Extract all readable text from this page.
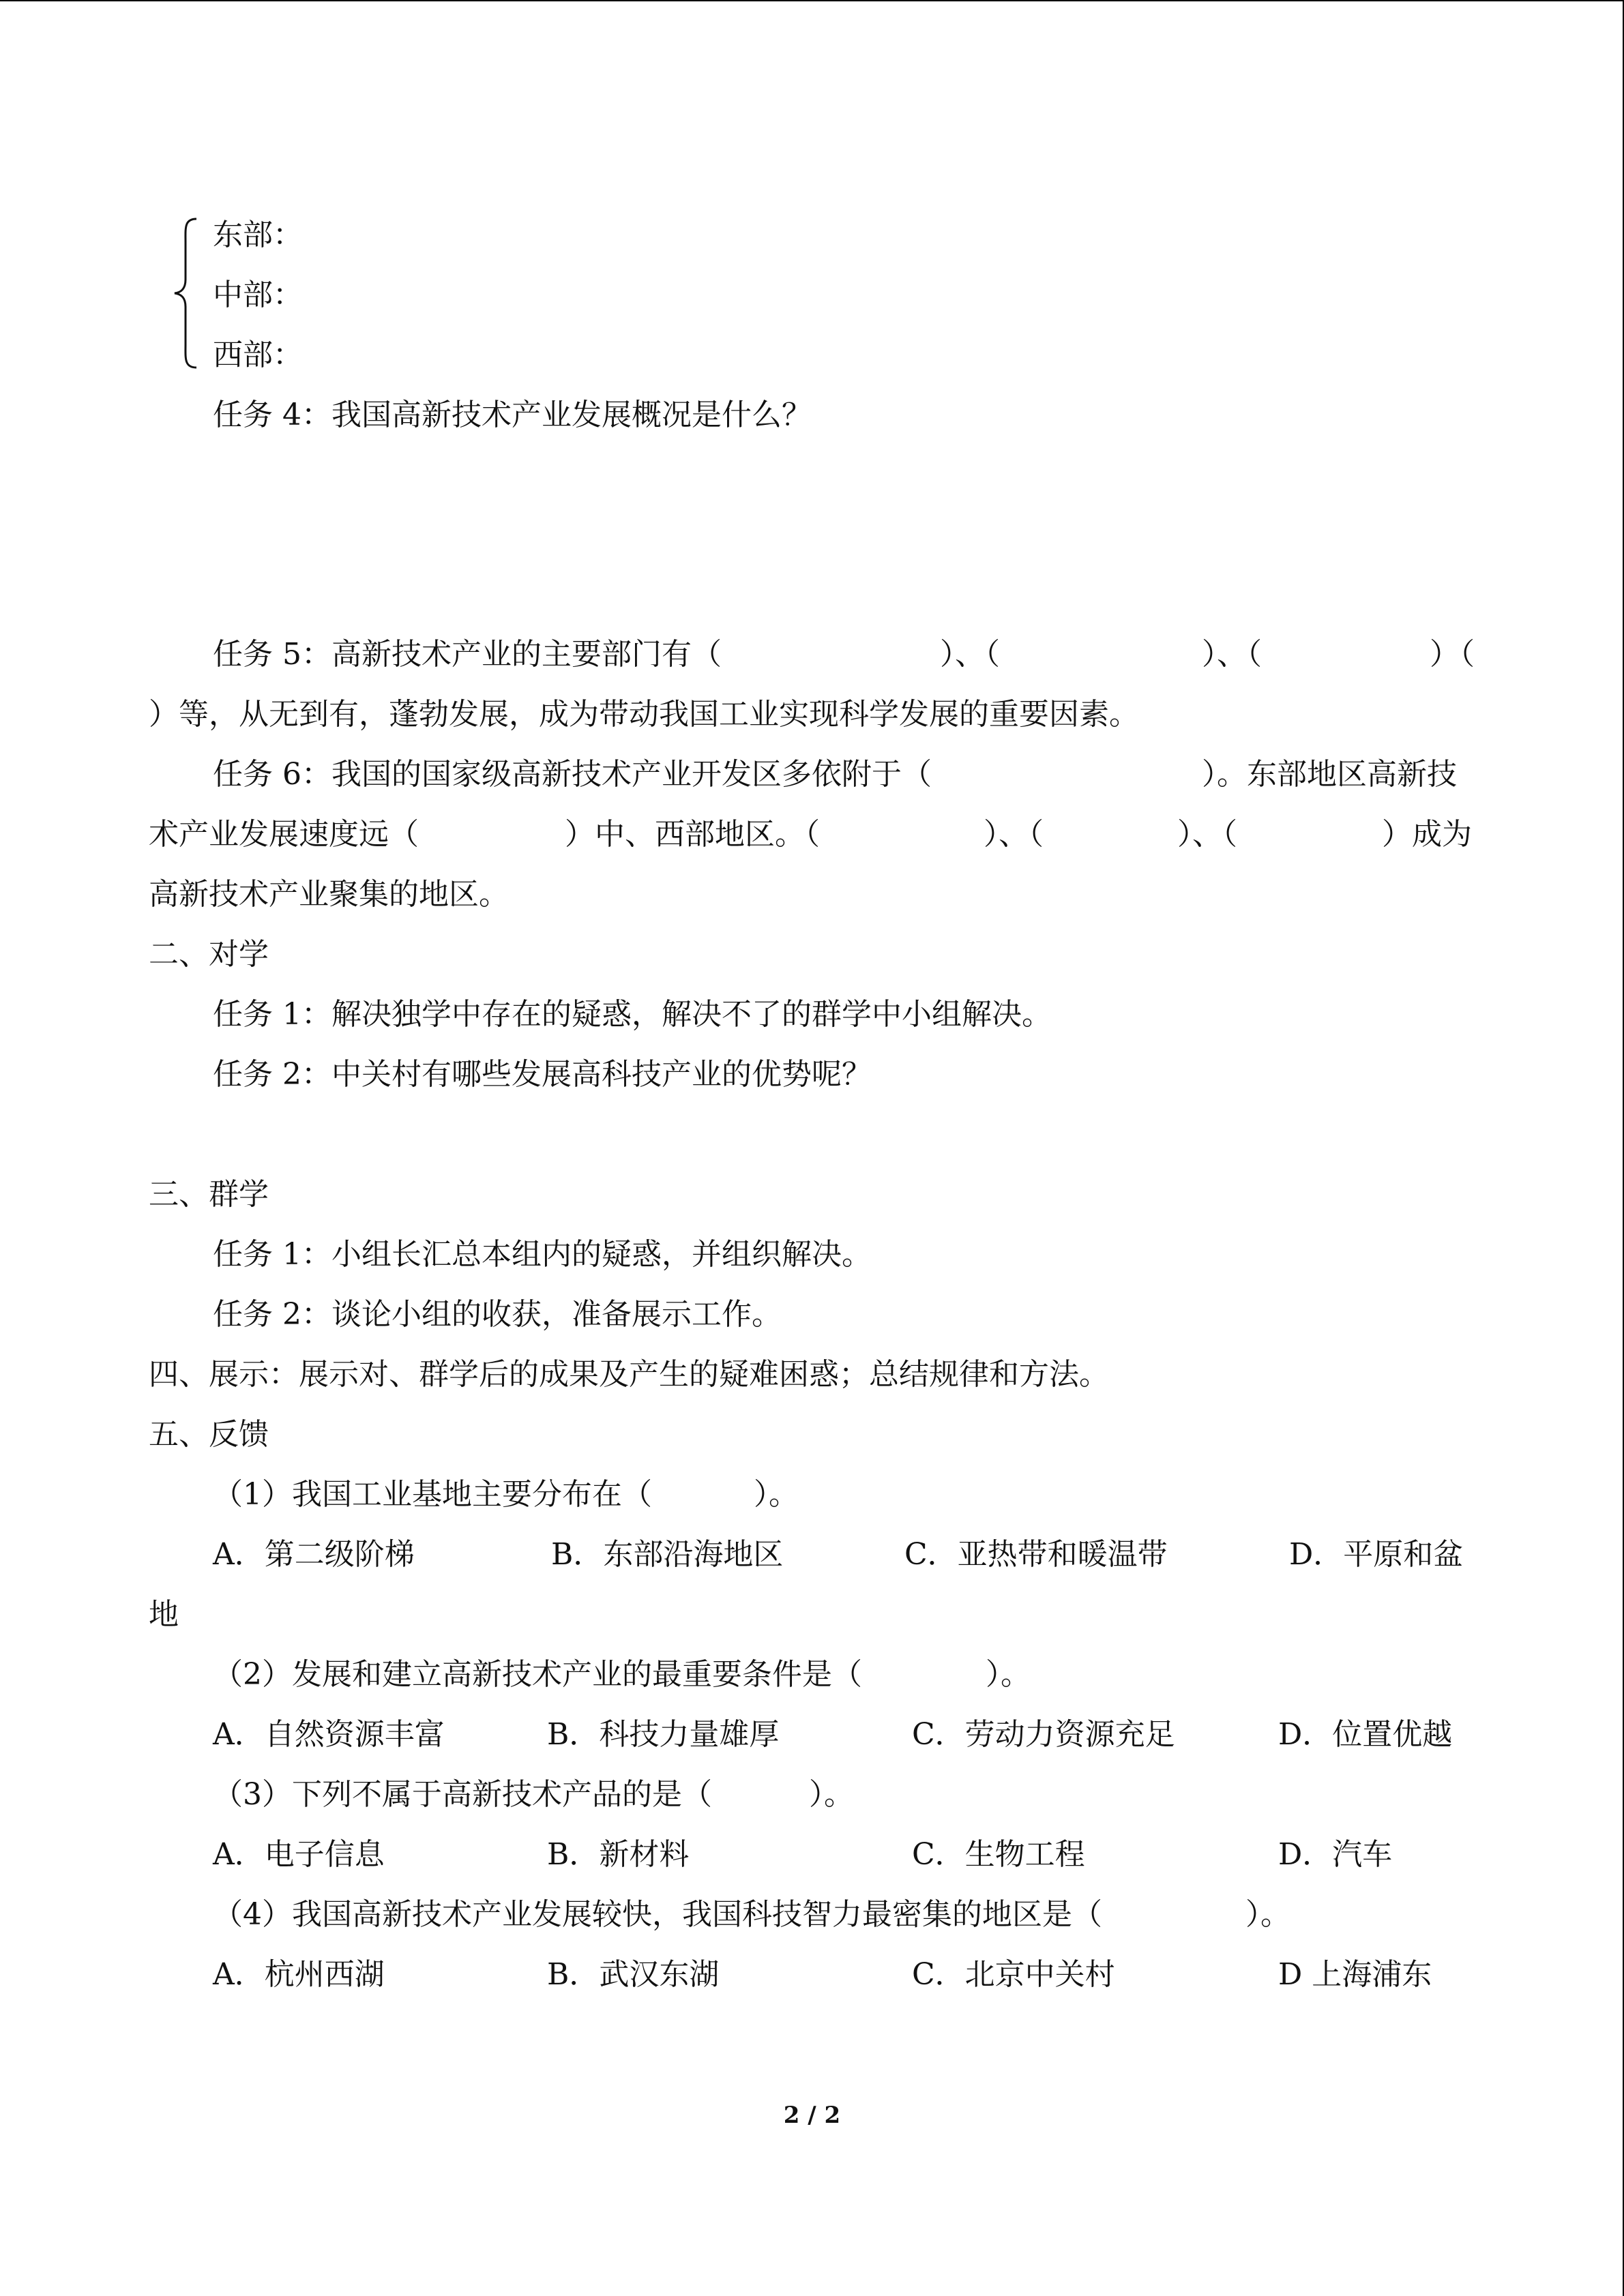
东部：
中部：
西部：
任务 4：我国高新技术产业发展概况是什么？
任务 5：高新技术产业的主要部门有（	）、（	）、（	）（
）等，从无到有，蓬勃发展，成为带动我国工业实现科学发展的重要因素。
任务 6：我国的国家级高新技术产业开发区多依附于（	）。东部地区高新技
术产业发展速度远（	）中、西部地区。（	）、（	）、（	）成为
高新技术产业聚集的地区。
二、对学
任务 1：解决独学中存在的疑惑，解决不了的群学中小组解决。
任务 2：中关村有哪些发展高科技产业的优势呢？
三、群学
任务 1：小组长汇总本组内的疑惑，并组织解决。
任务 2：谈论小组的收获，准备展示工作。
四、展示：展示对、群学后的成果及产生的疑难困惑；总结规律和方法。
五、反馈
（1）我国工业基地主要分布在（	）。
A．第二级阶梯	B．东部沿海地区	C．亚热带和暖温带	D．平原和盆
地
（2）发展和建立高新技术产业的最重要条件是（	）。
A．自然资源丰富	B．科技力量雄厚	C．劳动力资源充足	D．位置优越
（3）下列不属于高新技术产品的是（	）。
A．电子信息	B．新材料	C．生物工程	D．汽车
（4）我国高新技术产业发展较快，我国科技智力最密集的地区是（	）。
A．杭州西湖	B．武汉东湖	C．北京中关村	D 上海浦东
2 / 2
